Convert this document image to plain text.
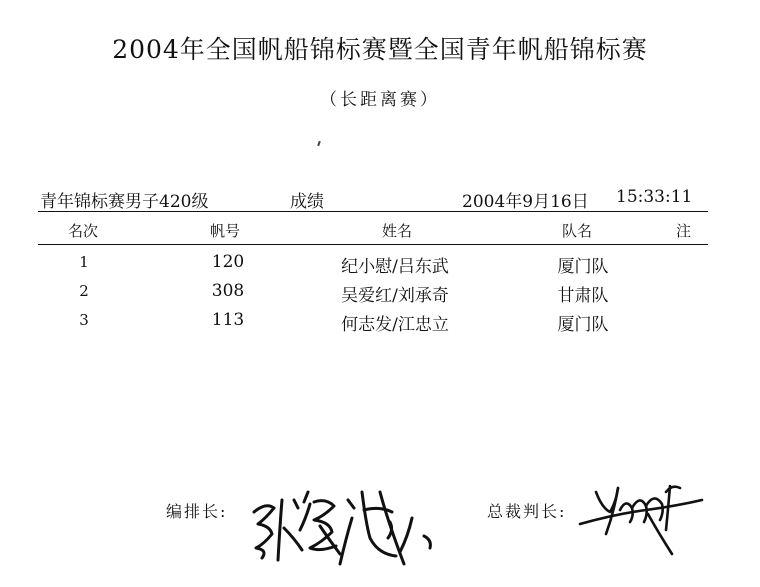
2004年全国帆船锦标赛暨全国青年帆船锦标赛
（长距离赛）
青年锦标赛男子420级	成绩	2004年9月16日 15:33:11
名次	帆号	姓名	队名	注
1	120	纪小慰/吕东武	厦门队
2	308	吴爱红/刘承奇	甘肃队
3	113	何志发/江忠立	厦门队
编排长:	总裁判长:
